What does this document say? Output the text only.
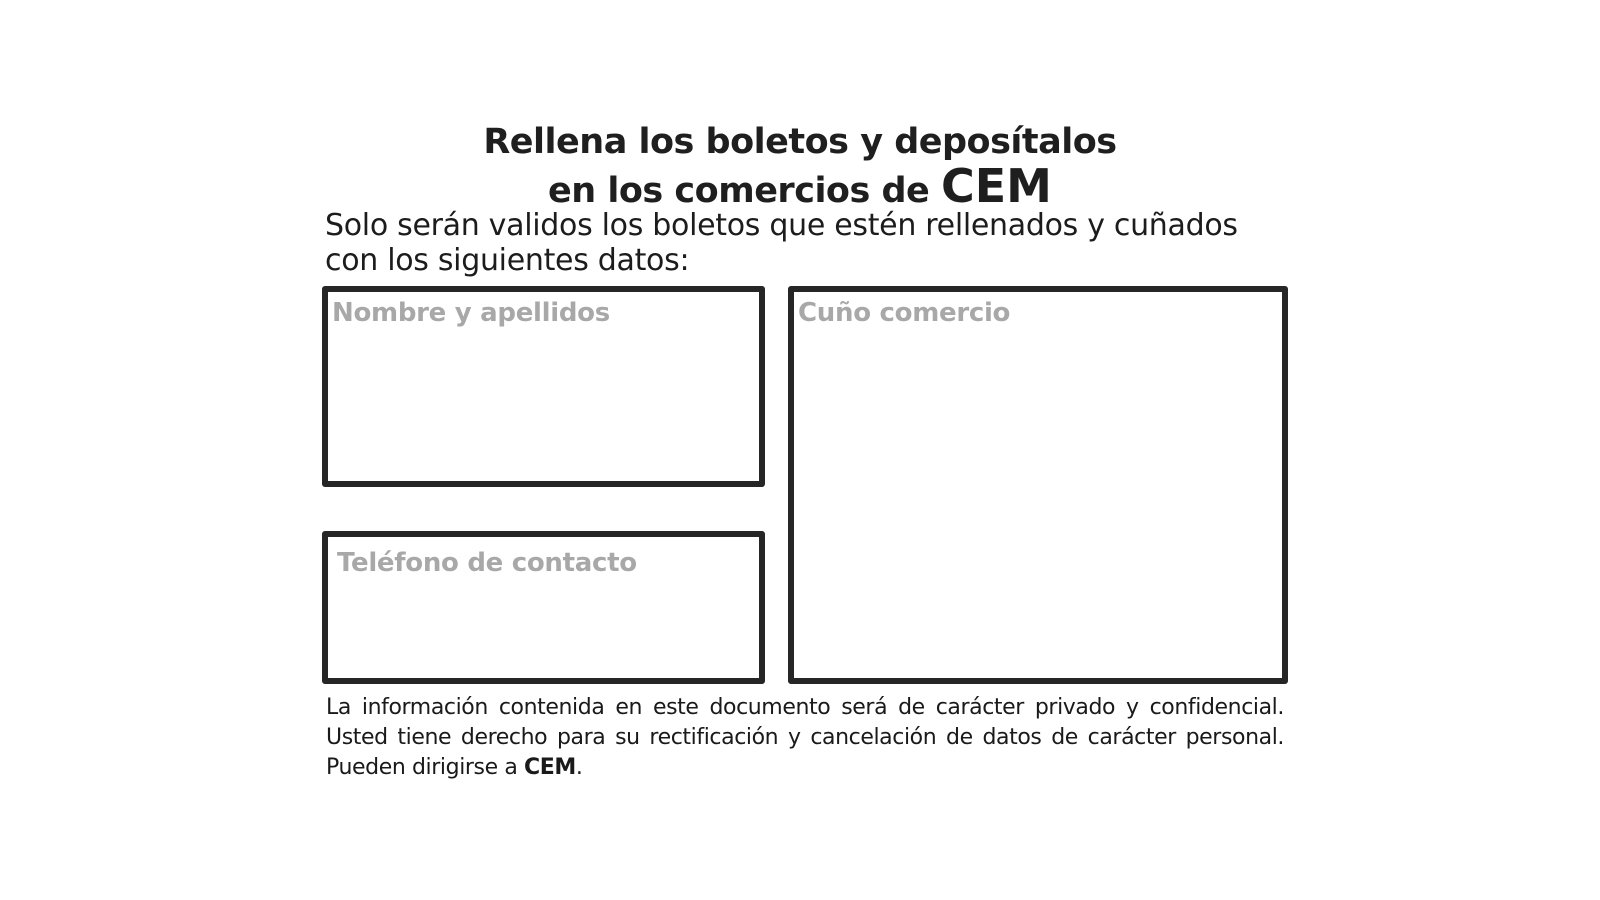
Rellena los boletos y deposítalos
en los comercios de CEM
Solo serán validos los boletos que estén rellenados y cuñados con los siguientes datos:
Nombre y apellidos
Teléfono de contacto
Cuño comercio
La información contenida en este documento será de carácter privado y confidencial. Usted tiene derecho para su rectificación y cancelación de datos de carácter personal. Pueden dirigirse a CEM.
